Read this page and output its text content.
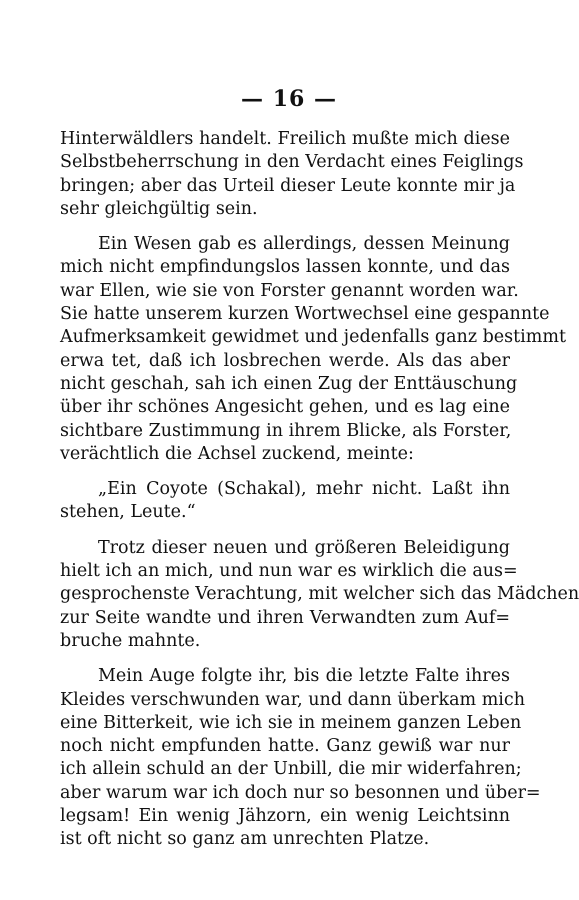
— 16 —
Hinterwäldlers handelt. Freilich mußte mich diese
Selbstbeherrschung in den Verdacht eines Feiglings
bringen; aber das Urteil dieser Leute konnte mir ja
sehr gleichgültig sein.
Ein Wesen gab es allerdings, dessen Meinung
mich nicht empfindungslos lassen konnte, und das
war Ellen, wie sie von Forster genannt worden war.
Sie hatte unserem kurzen Wortwechsel eine gespannte
Aufmerksamkeit gewidmet und jedenfalls ganz bestimmt
erwa tet, daß ich losbrechen werde. Als das aber
nicht geschah, sah ich einen Zug der Enttäuschung
über ihr schönes Angesicht gehen, und es lag eine
sichtbare Zustimmung in ihrem Blicke, als Forster,
verächtlich die Achsel zuckend, meinte:
„Ein Coyote (Schakal), mehr nicht. Laßt ihn
stehen, Leute.“
Trotz dieser neuen und größeren Beleidigung
hielt ich an mich, und nun war es wirklich die aus=
gesprochenste Verachtung, mit welcher sich das Mädchen
zur Seite wandte und ihren Verwandten zum Auf=
bruche mahnte.
Mein Auge folgte ihr, bis die letzte Falte ihres
Kleides verschwunden war, und dann überkam mich
eine Bitterkeit, wie ich sie in meinem ganzen Leben
noch nicht empfunden hatte. Ganz gewiß war nur
ich allein schuld an der Unbill, die mir widerfahren;
aber warum war ich doch nur so besonnen und über=
legsam! Ein wenig Jähzorn, ein wenig Leichtsinn
ist oft nicht so ganz am unrechten Platze.
